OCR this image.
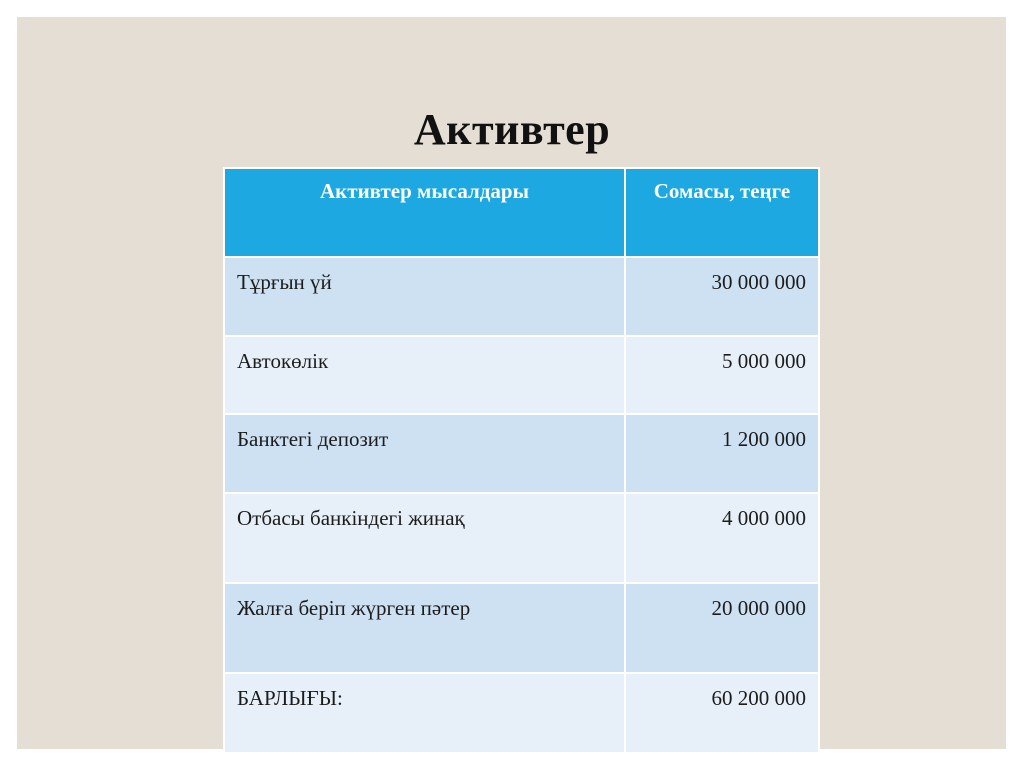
Активтер
Активтер мысалдары	Сомасы, теңге
Тұрғын үй	30 000 000
Автокөлік	5 000 000
Банктегі депозит	1 200 000
Отбасы банкіндегі жинақ	4 000 000
Жалға беріп жүрген пәтер	20 000 000
БАРЛЫҒЫ:	60 200 000
